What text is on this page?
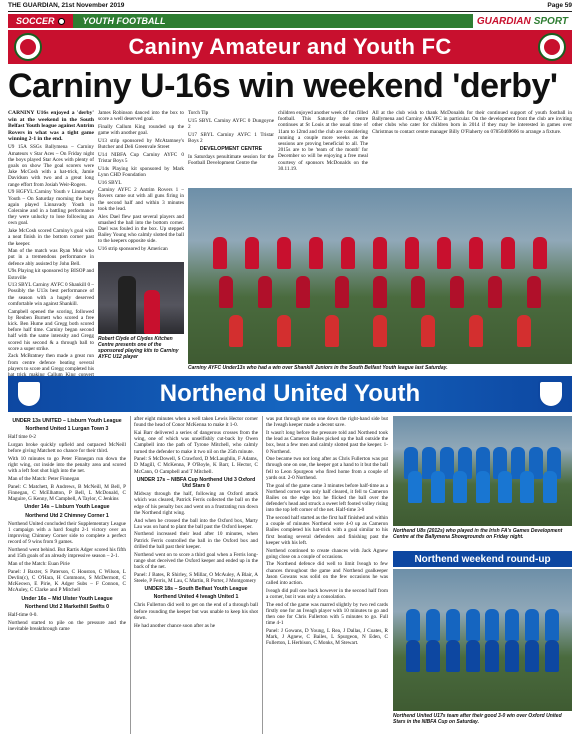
THE GUARDIAN, 21st November 2019	Page 59
SOCCER	YOUTH FOOTBALL	GUARDIAN SPORT
Caniny Amateur and Youth FC
Carniny U-16s win weekend 'derby'

CARNINY U16s enjoyed a 'derby' win at the weekend in the South Belfast Youth league against Antrim Rovers in what was a tight game winning 2-1 in the end.

U9 15A SSGs Ballymena – Carniny Amateurs v Star Aces – On Friday night the boys played Star Aces with plenty of goals on show The goal scorers were Jake McCosh with a hat-trick, Jamie Davidson with two and a great long range effort from Josiah Weir-Rogers.

U9 HGFYL:Carniny Youth v Linnavady Youth – On Saturday morning the boys again played Linnavady Youth in Coleraine and in a battling performance they were unlucky to lose following an own goal.

Jake McCosh scored Carniny's goal with a neat finish in the bottom corner past the keeper.

Man of the match was Ryan Muir who put in a tremendous performance in defence ably assisted by John Bell.

U9s Playing kit sponsored by BISOP and Estoville

U13 SBYL Carniny AYFC 0 Shankill 0 – Possibly the U13s best performance of the season with a hugely deserved comfortable win against Shankill.

Campbell opened the scoring, followed by Reuben Burnett who scored a free kick. Ben Hume and Gregg both scored before half time. Carniny began second half with the same intensity and Gregg scored his second & a through ball to score a super strike.

Zack McBratney then made a great run from centre defence beating several players to score and Gregg completed his

James Robinson danced into the box to score a well deserved goal.

Finally Callum King rounded up the game with another goal.

U13 strip sponsored by McAtamney's Butcher and Deli Greenvale Street

U14 NIBFA Cup Carniny AYFC 0 Tristar Boys 5

U14s Playing kit sponsored by Mark Lynn CHD Foundation

U16 SBYL

Carniny AYFC 2 Antrim Rovers 1 – Rovers came out with all guns firing in the second half and within 3 minutes took the lead.

Alex Dael flew past several players and smashed the ball into the bottom corner. Dael was fouled in the box. Up stepped Bailey Young who calmly slotted the ball to the keepers opposite side.

U16 strip sponsored by American

Torch Tip

U15 SBYL Carniny AYFC 0 Dungoyne 2

U17 SBYL Carniny AYFC 1 Tristar Boys 2

DEVELOPMENT CENTRE

In Saturdays penultimate session for the Football Development Centre the

children enjoyed another week of fun filled football. This Saturday the centre continues at St Louis at the usual time of 11am to 12md and the club are considering running a couple more weeks as the sessions are proving beneficial to all. The 2015s are to be 'team of the month' for December so will be enjoying a free meal courtesy of sponsors McDonalds on the 30.11.19.

All at the club wish to thank McDonalds for their continued support of youth football in Ballymena and Carniny A&YFC in particular. On the development front the club are inviting other clubs who cater for children born in 2014 if they may be interested in games over Christmas to contact centre manager Billy O'Flaherty on 07850469666 to arrange a fixture.

Robert Clyde of Clydes Kitchen Centre presents one of the sponsored playing kits to Carniny AYFC U12 player
Carniny AYFC Under13s who had a win over Shankill Juniors in the South Belfast Youth league last Saturday.
Northend United Youth
UNDER 13s UNITED – Lisburn Youth League
Northend United 1 Lurgan Town 3

Half time 0-2

Lurgan broke quickly upfield and outpaced McNeill before giving Matchett no chance for their third.

With 10 minutes to go Peter Finnegan run down the right wing, cut inside into the penalty area and scored with a left foot shot high into the net.

Man of the Match: Peter Finnegan

Panel: C Matchett, B Andrews, B McNeill, M Bell, P Finnegan, C McElhatton, P Bell, L McDonald, C Maguire, G Kenny, M Campbell, A Taylor, C Jenkins

Under 14s – Lisburn Youth League
Northend Utd 2 Chimney Corner 1

Northend United concluded their Supplementary League 1 campaign with a hard fought 2-1 victory over an improving Chimney Corner side to complete a perfect record of 9 wins from 9 games.

Northend went behind. But Rartis Adger scored his fifth and 15th goals of an already impressive season – 2-1.

Man of the Match: Euan Pirie

Panel: J Baxter, S Paterson, C Houston, C Wilson, L Devlin(c), C O'Hara, H Commons, S McDermott, C McKeown, E Pirie, K Adger Subs – F Connon, C McAuley, C Clarke and P Mitchell

Under 16s – Mid Ulster Youth League
Northend Utd 2 Markethill Swifts 0

Half-time 0-0.

Northend started to pile on the pressure and the inevitable breakthrough came

after eight minutes when a well taken Lewis Hector corner found the head of Conor McKenna to make it 1-0.

Kai Barr delivered a series of dangerous crosses from the wing, one of which was unselfishly cut-back by Owen Campbell into the path of Tyrone Mitchell, who calmly turned the defender to make it two nil on the 25th minute.

Panel: S McDowell, S Crawford, D McLaughlin, F Adams, D Magill, C McKenna, P O'Boyle, K Barr, L Hector, C McCann, O Campbell and T Mitchell.

UNDER 17s – NIBFA Cup Northend Utd 3 Oxford Utd Stars 0

Midway through the half, following an Oxford attack which was cleared, Patrick Ferris collected the ball on the edge of his penalty box and went on a frustrating run down the Northend right wing.

And when he crossed the ball into the Oxford box, Marty Lau was on hand to plant the ball past the Oxford keeper.

Northend increased their lead after 10 minutes, when Patrick Ferris controlled the ball in the Oxford box and drilled the ball past their keeper.

Northend went on to score a third goal when a Ferris long-range shot deceived the Oxford keeper and ended up in the back of the net.

Panel: J Bates, R Shirley, S Millar, O McAuley, A Blair, A Steele, P Ferris, M Lau, C Martin, R Porter, J Montgomery

UNDER 18s – South Belfast Youth League
Northend United 4 Iveagh United 1

Chris Fullerton did well to get on the end of a through ball before rounding the keeper but was unable to keep his shot down.

He had another chance soon after as he

was put through one on one down the right-hand side but the Iveagh keeper made a decent save.

It wasn't long before the pressure told and Northend took the lead as Cameron Bailes picked up the ball outside the box, beat a few men and calmly slotted past the keeper. 1-0 Northend.

One became two not long after as Chris Fullerton was put through one on one, the keeper got a hand to it but the ball fell to Leon Spurgeon who fired home from a couple of yards out. 2-0 Northend.

The goal of the game came 3 minutes before half-time as a Northend corner was only half cleared, it fell to Cameron Bailes on the edge box he flicked the ball over the defender's head and struck a sweet left footed volley rising into the top left corner of the net. Half-time 3-0

The second half started as the first half finished and within a couple of minutes Northend were 4-0 up as Cameron Bailes completed his hat-trick with a goal similar to his first beating several defenders and finishing past the keeper with his left.

Northend continued to create chances with Jack Agnew going close on a couple of occasions.

The Northend defence did well to limit Iveagh to few chances throughout the game and Northend goalkeeper Jason Gowans was solid on the few occasions he was called into action.

Iveagh did pull one back however in the second half from a corner, but it was only a consolation.

The end of the game was marred slightly by two red cards firstly one for an Iveagh player with 10 minutes to go and then one for Chris Fullerton with 5 minutes to go. Full time 4-1

Panel: J Gowans, D Young, L Rea, J Dallas, J Coates, R Mark, J Agnew, C Bailes, L Spurgeon, N Eden, C Fullerton, L Herbison, C Monks, M Stewart.

Northend U8s (2012s) who played in the Irish FA's Games Development Centre at the Ballymena Showgrounds on Friday night.
Northend weekend round-up
Northend United U17s team after their good 3-0 win over Oxford United Stars in the NIBFA Cup on Saturday.
